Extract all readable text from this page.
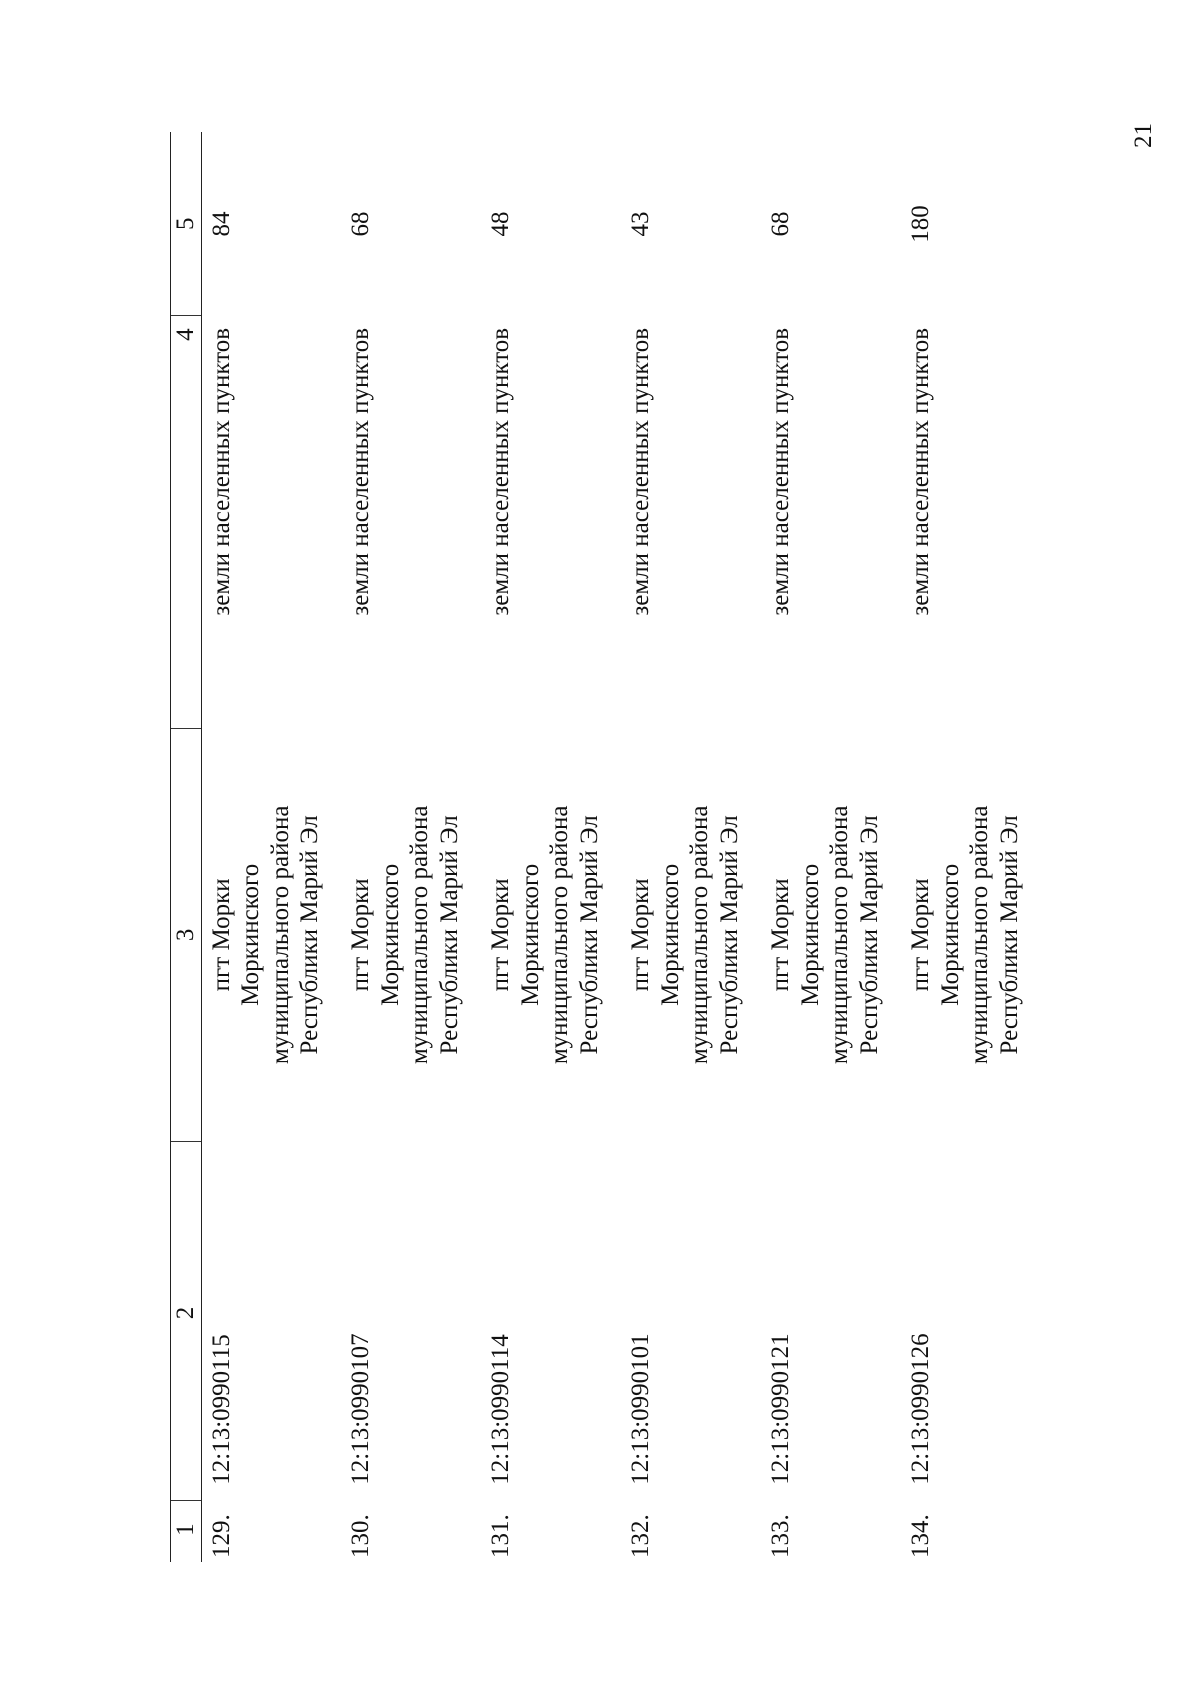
21
1	2	3	4	5
129.	12:13:0990115	пгт Морки Моркинского муниципального района Республики Марий Эл	земли населенных пунктов	84
130.	12:13:0990107	пгт Морки Моркинского муниципального района Республики Марий Эл	земли населенных пунктов	68
131.	12:13:0990114	пгт Морки Моркинского муниципального района Республики Марий Эл	земли населенных пунктов	48
132.	12:13:0990101	пгт Морки Моркинского муниципального района Республики Марий Эл	земли населенных пунктов	43
133.	12:13:0990121	пгт Морки Моркинского муниципального района Республики Марий Эл	земли населенных пунктов	68
134.	12:13:0990126	пгт Морки Моркинского муниципального района Республики Марий Эл	земли населенных пунктов	180
